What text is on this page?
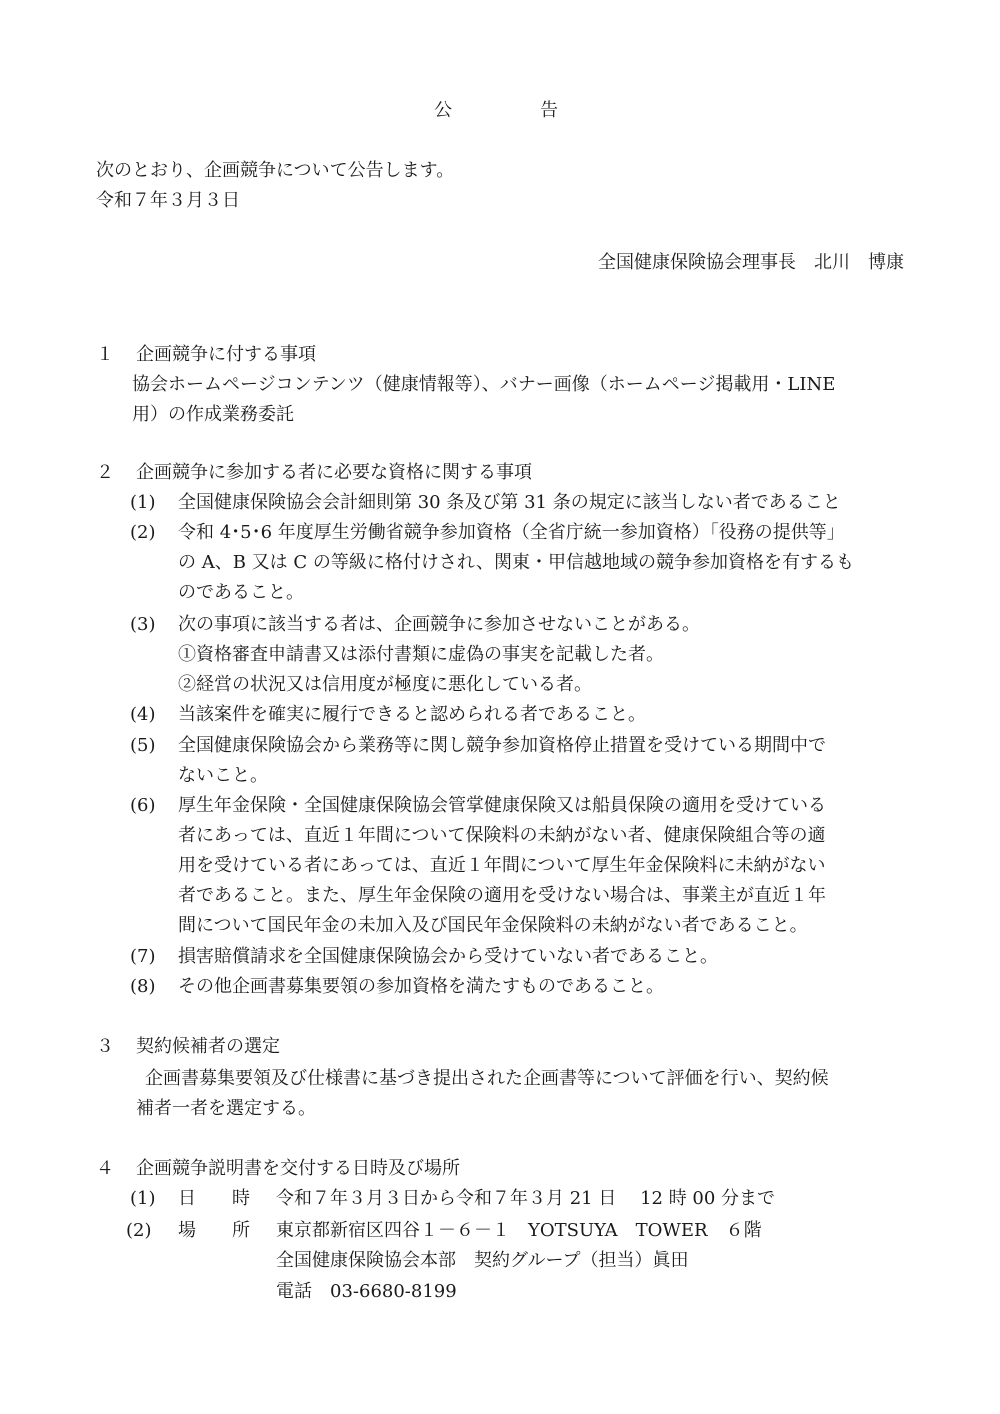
公	告
次のとおり、企画競争について公告します。
令和７年３月３日
全国健康保険協会理事長　北川　博康
１ 企画競争に付する事項
協会ホームページコンテンツ（健康情報等）、バナー画像（ホームページ掲載用・LINE
用）の作成業務委託
２ 企画競争に参加する者に必要な資格に関する事項
(1) 全国健康保険協会会計細則第 30 条及び第 31 条の規定に該当しない者であること
(2) 令和 4･5･6 年度厚生労働省競争参加資格（全省庁統一参加資格）「役務の提供等」
の A、B 又は C の等級に格付けされ、関東・甲信越地域の競争参加資格を有するも
のであること。
(3) 次の事項に該当する者は、企画競争に参加させないことがある。
①資格審査申請書又は添付書類に虚偽の事実を記載した者。
②経営の状況又は信用度が極度に悪化している者。
(4) 当該案件を確実に履行できると認められる者であること。
(5) 全国健康保険協会から業務等に関し競争参加資格停止措置を受けている期間中で
ないこと。
(6) 厚生年金保険・全国健康保険協会管掌健康保険又は船員保険の適用を受けている
者にあっては、直近１年間について保険料の未納がない者、健康保険組合等の適
用を受けている者にあっては、直近１年間について厚生年金保険料に未納がない
者であること。また、厚生年金保険の適用を受けない場合は、事業主が直近１年
間について国民年金の未加入及び国民年金保険料の未納がない者であること。
(7) 損害賠償請求を全国健康保険協会から受けていない者であること。
(8) その他企画書募集要領の参加資格を満たすものであること。
３ 契約候補者の選定
企画書募集要領及び仕様書に基づき提出された企画書等について評価を行い、契約候
補者一者を選定する。
４ 企画競争説明書を交付する日時及び場所
(1) 日　　時 令和７年３月３日から令和７年３月 21 日　 12 時 00 分まで
(2) 場　　所 東京都新宿区四谷１－６－１　YOTSUYA　TOWER　６階
全国健康保険協会本部　契約グループ（担当）眞田
電話　03-6680-8199
